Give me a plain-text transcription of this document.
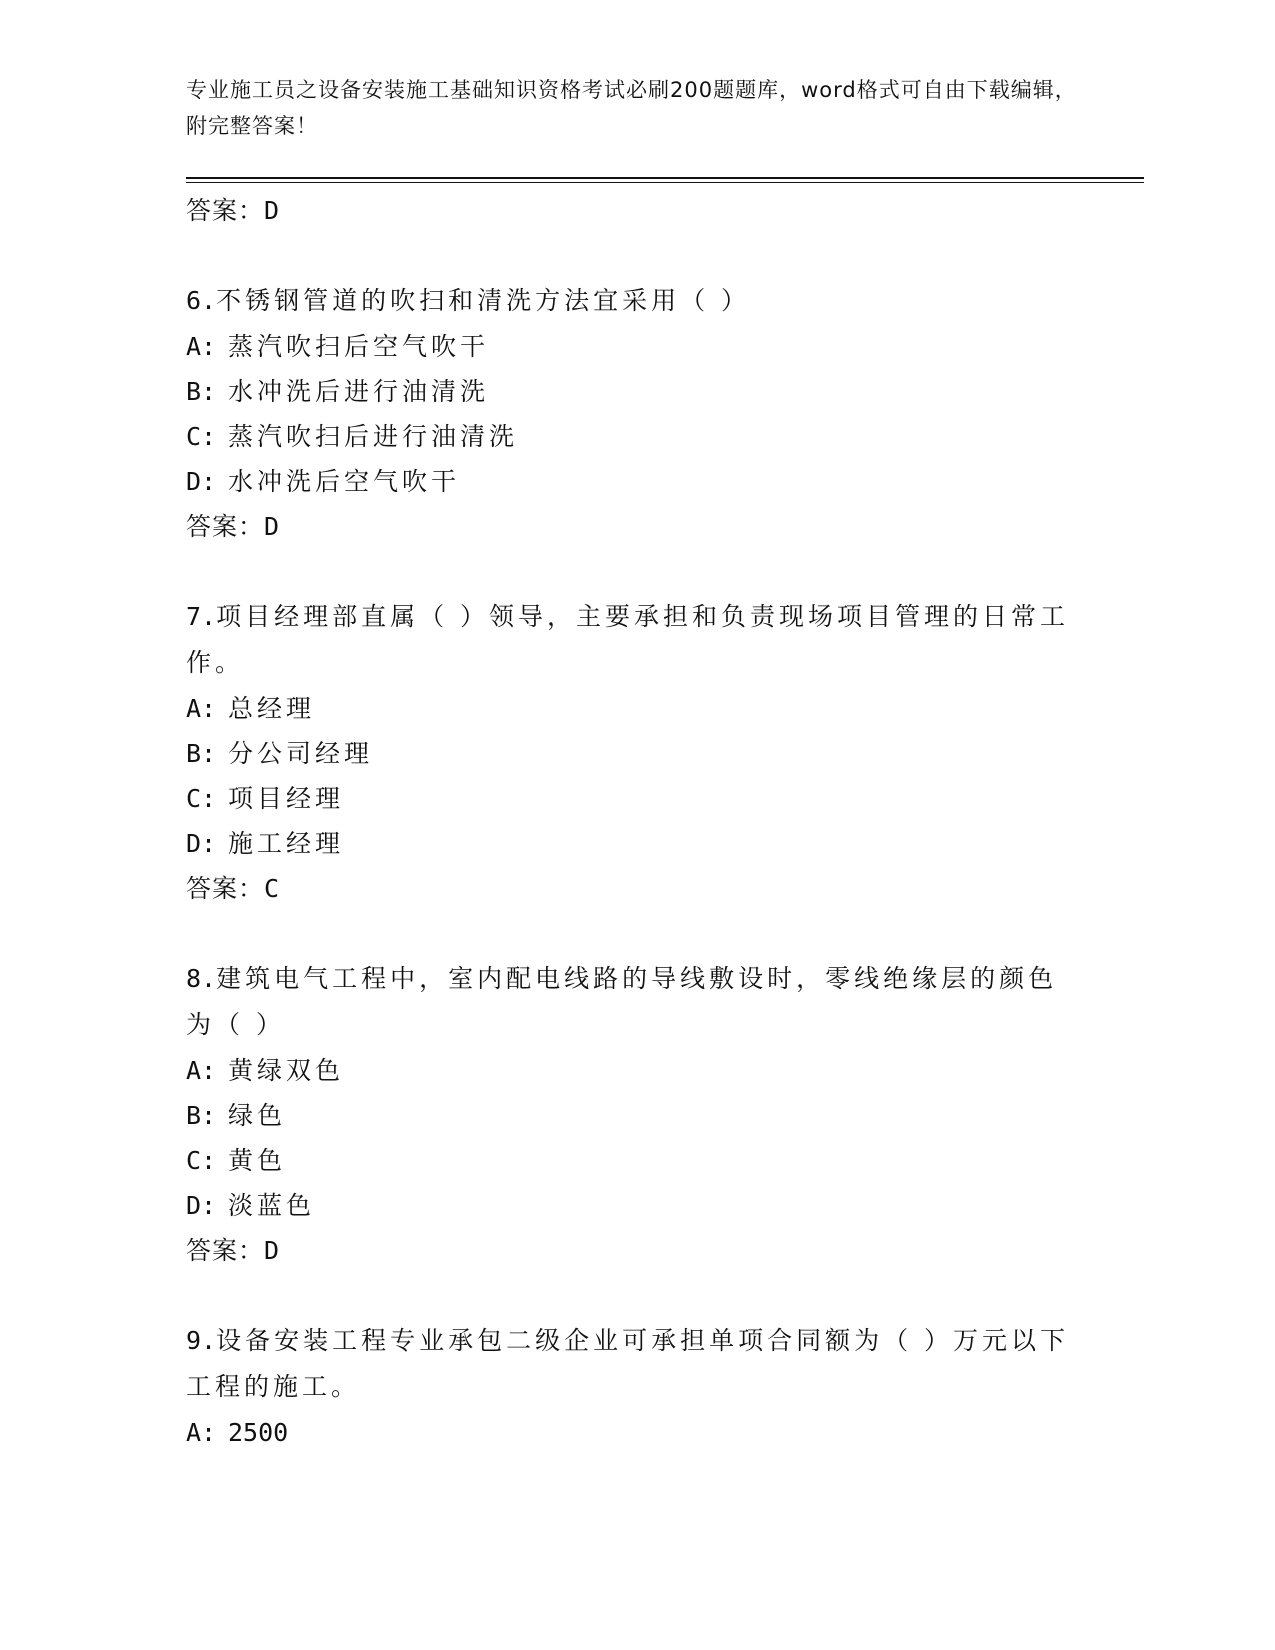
专业施工员之设备安装施工基础知识资格考试必刷200题题库，word格式可自由下载编辑，附完整答案！
答案：D
6.不锈钢管道的吹扫和清洗方法宜采用（ ）
A: 蒸汽吹扫后空气吹干
B: 水冲洗后进行油清洗
C: 蒸汽吹扫后进行油清洗
D: 水冲洗后空气吹干
答案：D
7.项目经理部直属（ ）领导，主要承担和负责现场项目管理的日常工作。
A: 总经理
B: 分公司经理
C: 项目经理
D: 施工经理
答案：C
8.建筑电气工程中，室内配电线路的导线敷设时，零线绝缘层的颜色为（ ）
A: 黄绿双色
B: 绿色
C: 黄色
D: 淡蓝色
答案：D
9.设备安装工程专业承包二级企业可承担单项合同额为（ ）万元以下工程的施工。
A: 2500
